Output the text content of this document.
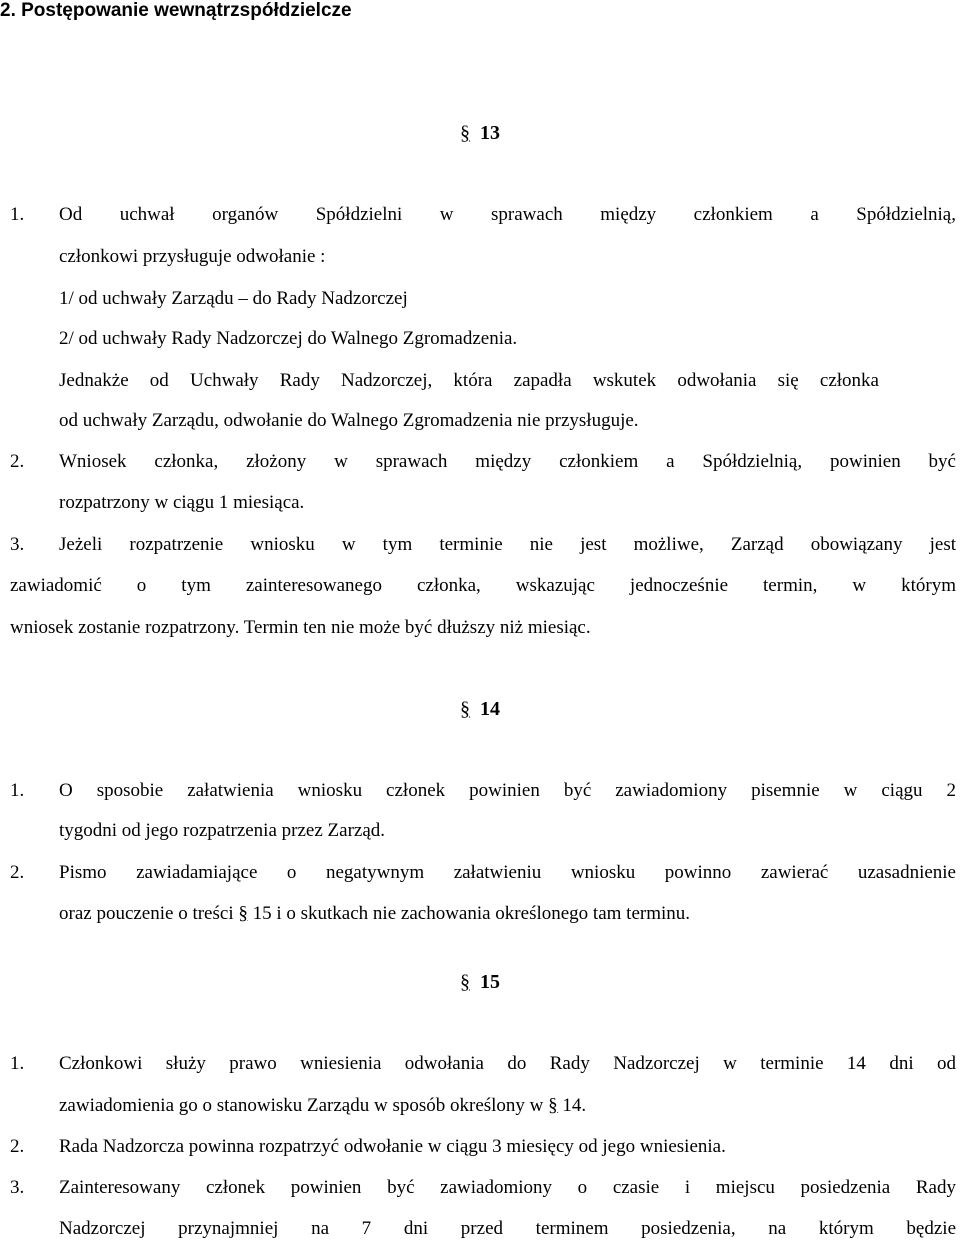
2. Postępowanie wewnątrzspółdzielcze
§ 13
1. Od uchwał organów Spółdzielni w sprawach między członkiem a Spółdzielnią,
członkowi przysługuje odwołanie :
1/ od uchwały Zarządu – do Rady Nadzorczej
2/ od uchwały Rady Nadzorczej do Walnego Zgromadzenia.
Jednakże od Uchwały Rady Nadzorczej, która zapadła wskutek odwołania się członka
od uchwały Zarządu, odwołanie do Walnego Zgromadzenia nie przysługuje.
2. Wniosek członka, złożony w sprawach między członkiem a Spółdzielnią, powinien być
rozpatrzony w ciągu 1 miesiąca.
3. Jeżeli rozpatrzenie wniosku w tym terminie nie jest możliwe, Zarząd obowiązany jest
zawiadomić o tym zainteresowanego członka, wskazując jednocześnie termin, w którym
wniosek zostanie rozpatrzony. Termin ten nie może być dłuższy niż miesiąc.
§ 14
1. O sposobie załatwienia wniosku członek powinien być zawiadomiony pisemnie w ciągu 2
tygodni od jego rozpatrzenia przez Zarząd.
2. Pismo zawiadamiające o negatywnym załatwieniu wniosku powinno zawierać uzasadnienie
oraz pouczenie o treści § 15 i o skutkach nie zachowania określonego tam terminu.
§ 15
1. Członkowi służy prawo wniesienia odwołania do Rady Nadzorczej w terminie 14 dni od
zawiadomienia go o stanowisku Zarządu w sposób określony w § 14.
2. Rada Nadzorcza powinna rozpatrzyć odwołanie w ciągu 3 miesięcy od jego wniesienia.
3. Zainteresowany członek powinien być zawiadomiony o czasie i miejscu posiedzenia Rady
Nadzorczej przynajmniej na 7 dni przed terminem posiedzenia, na którym będzie
